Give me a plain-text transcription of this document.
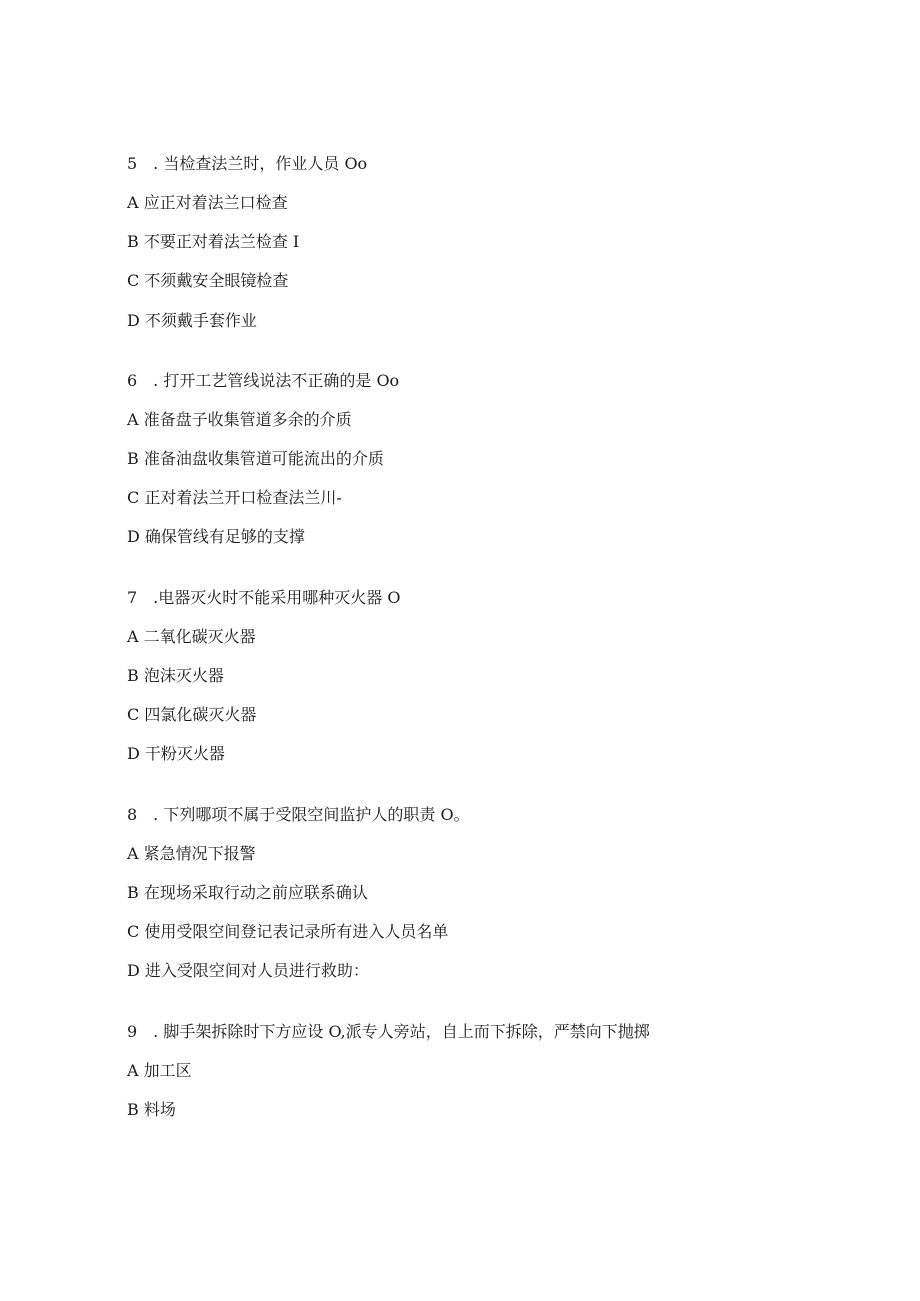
5　. 当检查法兰时，作业人员 Oo
A 应正对着法兰口检查
B 不要正对着法兰检查 I
C 不须戴安全眼镜检查
D 不须戴手套作业
6　. 打开工艺管线说法不正确的是 Oo
A 准备盘子收集管道多余的介质
B 准备油盘收集管道可能流出的介质
C 正对着法兰开口检查法兰川-
D 确保管线有足够的支撑
7　.电器灭火时不能采用哪种灭火器 O
A 二氧化碳灭火器
B 泡沫灭火器
C 四氯化碳灭火器
D 干粉灭火器
8　. 下列哪项不属于受限空间监护人的职责 O。
A 紧急情况下报警
B 在现场采取行动之前应联系确认
C 使用受限空间登记表记录所有进入人员名单
D 进入受限空间对人员进行救助：
9　. 脚手架拆除时下方应设 O,派专人旁站，自上而下拆除，严禁向下抛掷
A 加工区
B 料场
